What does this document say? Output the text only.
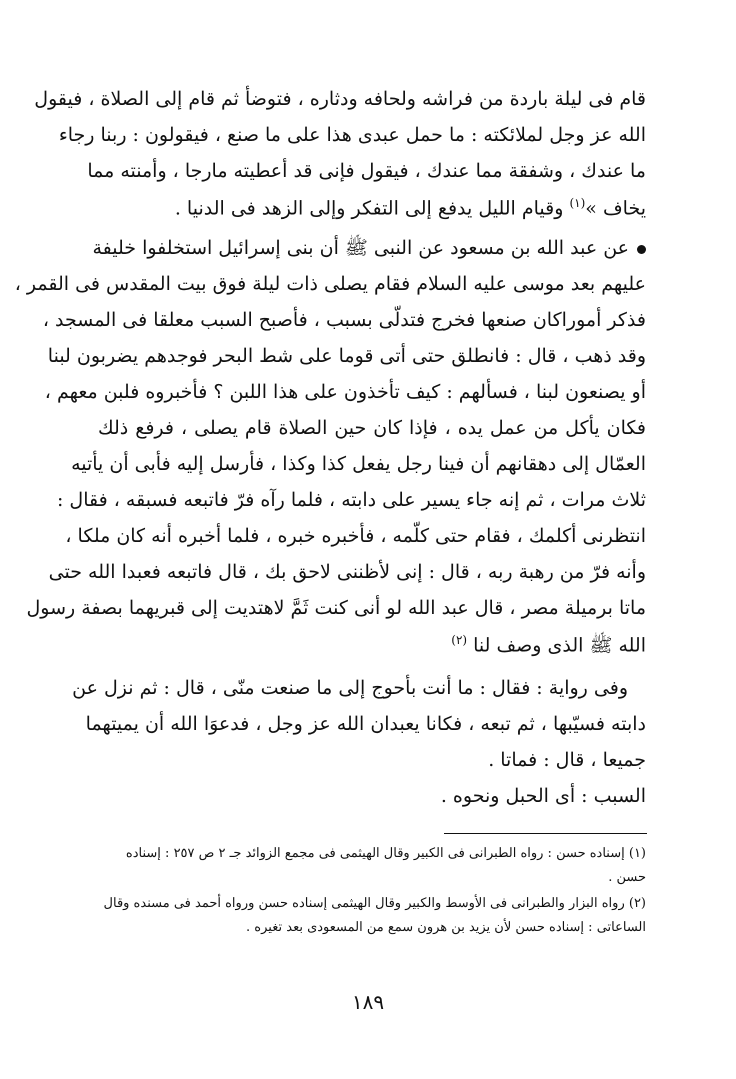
قام فى ليلة باردة من فراشه ولحافه ودثاره ، فتوضأ ثم قام إلى الصلاة ، فيقول
الله عز وجل لملائكته : ما حمل عبدى هذا على ما صنع ، فيقولون : ربنا رجاء
ما عندك ، وشفقة مما عندك ، فيقول فإنى قد أعطيته مارجا ، وأمنته مما
يخاف »$^{(١)}$ وقيام الليل يدفع إلى التفكر وإلى الزهد فى الدنيا .
عن عبد الله بن مسعود عن النبى ﷺ أن بنى إسرائيل استخلفوا خليفة
عليهم بعد موسى عليه السلام فقام يصلى ذات ليلة فوق بيت المقدس فى القمر ،
فذكر أموراكان صنعها فخرج فتدلّى بسبب ، فأصبح السبب معلقا فى المسجد ،
وقد ذهب ، قال : فانطلق حتى أتى قوما على شط البحر فوجدهم يضربون لبنا
أو يصنعون لبنا ، فسألهم : كيف تأخذون على هذا اللبن ؟ فأخبروه فلبن معهم ،
فكان يأكل من عمل يده ، فإذا كان حين الصلاة قام يصلى ، فرفع ذلك
العمّال إلى دهقانهم أن فينا رجل يفعل كذا وكذا ، فأرسل إليه فأبى أن يأتيه
ثلاث مرات ، ثم إنه جاء يسير على دابته ، فلما رآه فرّ فاتبعه فسبقه ، فقال :
انتظرنى أكلمك ، فقام حتى كلّمه ، فأخبره خبره ، فلما أخبره أنه كان ملكا ،
وأنه فرّ من رهبة ربه ، قال : إنى لأظننى لاحق بك ، قال فاتبعه فعبدا الله حتى
ماتا برميلة مصر ، قال عبد الله لو أنى كنت ثَمَّ لاهتديت إلى قبريهما بصفة رسول
الله ﷺ الذى وصف لنا $^{(٢)}$
وفى رواية : فقال : ما أنت بأحوج إلى ما صنعت منّى ، قال : ثم نزل عن
دابته فسيّبها ، ثم تبعه ، فكانا يعبدان الله عز وجل ، فدعوَا الله أن يميتهما
جميعا ، قال : فماتا .
السبب : أى الحبل ونحوه .
(١) إسناده حسن : رواه الطبرانى فى الكبير وقال الهيثمى فى مجمع الزوائد جـ ٢ ص ٢٥٧ : إسناده
حسن .
(٢) رواه البزار والطبرانى فى الأوسط والكبير وقال الهيثمى إسناده حسن ورواه أحمد فى مسنده وقال
الساعاتى : إسناده حسن لأن يزيد بن هرون سمع من المسعودى بعد تغيره .
١٨٩
